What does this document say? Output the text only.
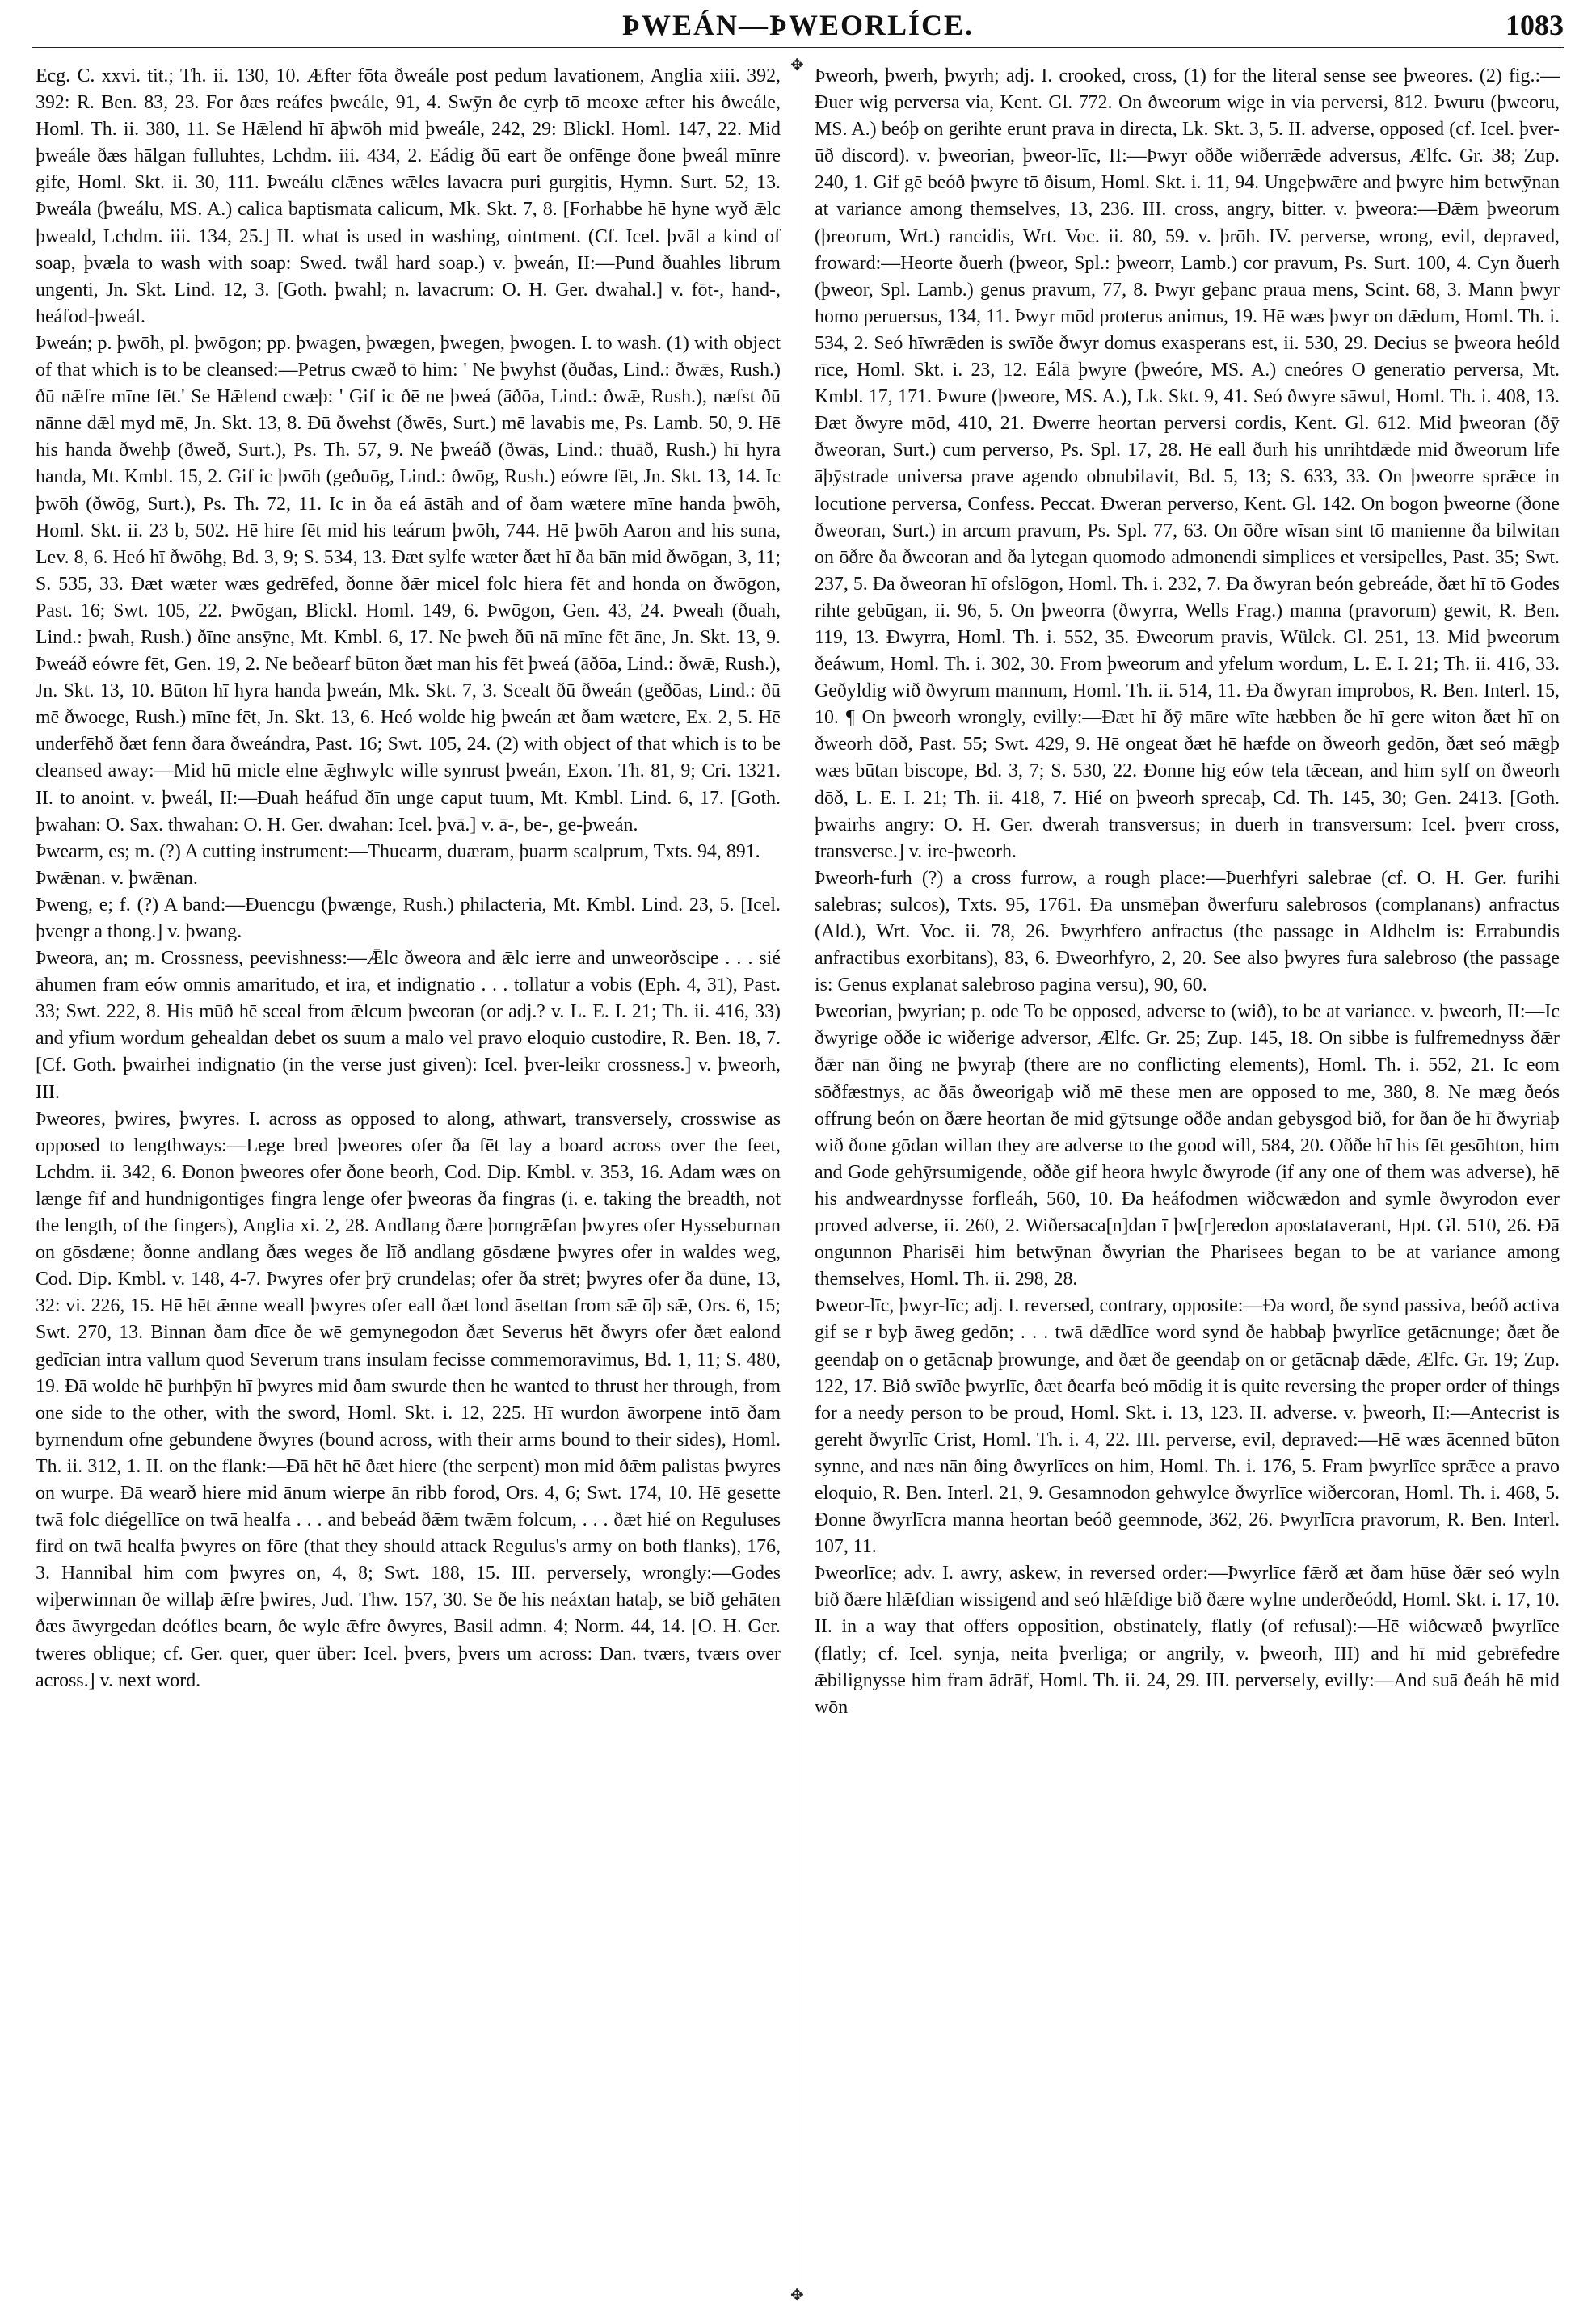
ÞWEÁN—ÞWEORLÍCE.	1083
✥
✥

Ecg. C. xxvi. tit.; Th. ii. 130, 10. Æfter fōta ðweále post pedum lavationem, Anglia xiii. 392, 392: R. Ben. 83, 23. For ðæs reáfes þweále, 91, 4. Swȳn ðe cyrþ tō meoxe æfter his ðweále, Homl. Th. ii. 380, 11. Se Hǣlend hī āþwōh mid þweále, 242, 29: Blickl. Homl. 147, 22. Mid þweále ðæs hālgan fulluhtes, Lchdm. iii. 434, 2. Eádig ðū eart ðe onfēnge ðone þweál mīnre gife, Homl. Skt. ii. 30, 111. Þweálu clǣnes wǣles lavacra puri gurgitis, Hymn. Surt. 52, 13. Þweála (þweálu, MS. A.) calica baptismata calicum, Mk. Skt. 7, 8. [Forhabbe hē hyne wyð ǣlc þweald, Lchdm. iii. 134, 25.] II. what is used in washing, ointment. (Cf. Icel. þvāl a kind of soap, þvæla to wash with soap: Swed. twål hard soap.) v. þweán, II:—Pund ðuahles librum ungenti, Jn. Skt. Lind. 12, 3. [Goth. þwahl; n. lavacrum: O. H. Ger. dwahal.] v. fōt-, hand-, heáfod-þweál.

Þweán; p. þwōh, pl. þwōgon; pp. þwagen, þwægen, þwegen, þwogen. I. to wash. (1) with object of that which is to be cleansed:—Petrus cwæð tō him: ' Ne þwyhst (ðuðas, Lind.: ðwǣs, Rush.) ðū nǣfre mīne fēt.' Se Hǣlend cwæþ: ' Gif ic ðē ne þweá (āðōa, Lind.: ðwǣ, Rush.), næfst ðū nānne dǣl myd mē, Jn. Skt. 13, 8. Ðū ðwehst (ðwēs, Surt.) mē lavabis me, Ps. Lamb. 50, 9. Hē his handa ðwehþ (ðweð, Surt.), Ps. Th. 57, 9. Ne þweáð (ðwās, Lind.: thuāð, Rush.) hī hyra handa, Mt. Kmbl. 15, 2. Gif ic þwōh (geðuōg, Lind.: ðwōg, Rush.) eówre fēt, Jn. Skt. 13, 14. Ic þwōh (ðwōg, Surt.), Ps. Th. 72, 11. Ic in ða eá āstāh and of ðam wætere mīne handa þwōh, Homl. Skt. ii. 23 b, 502. Hē hire fēt mid his teárum þwōh, 744. Hē þwōh Aaron and his suna, Lev. 8, 6. Heó hī ðwōhg, Bd. 3, 9; S. 534, 13. Ðæt sylfe wæter ðæt hī ða bān mid ðwōgan, 3, 11; S. 535, 33. Ðæt wæter wæs gedrēfed, ðonne ðǣr micel folc hiera fēt and honda on ðwōgon, Past. 16; Swt. 105, 22. Þwōgan, Blickl. Homl. 149, 6. Þwōgon, Gen. 43, 24. Þweah (ðuah, Lind.: þwah, Rush.) ðīne ansȳne, Mt. Kmbl. 6, 17. Ne þweh ðū nā mīne fēt āne, Jn. Skt. 13, 9. Þweáð eówre fēt, Gen. 19, 2. Ne beðearf būton ðæt man his fēt þweá (āðōa, Lind.: ðwǣ, Rush.), Jn. Skt. 13, 10. Būton hī hyra handa þweán, Mk. Skt. 7, 3. Scealt ðū ðweán (geðōas, Lind.: ðū mē ðwoege, Rush.) mīne fēt, Jn. Skt. 13, 6. Heó wolde hig þweán æt ðam wætere, Ex. 2, 5. Hē underfēhð ðæt fenn ðara ðweándra, Past. 16; Swt. 105, 24. (2) with object of that which is to be cleansed away:—Mid hū micle elne ǣghwylc wille synrust þweán, Exon. Th. 81, 9; Cri. 1321. II. to anoint. v. þweál, II:—Ðuah heáfud ðīn unge caput tuum, Mt. Kmbl. Lind. 6, 17. [Goth. þwahan: O. Sax. thwahan: O. H. Ger. dwahan: Icel. þvā.] v. ā-, be-, ge-þweán.

Þwearm, es; m. (?) A cutting instrument:—Thuearm, duæram, þuarm scalprum, Txts. 94, 891.

Þwǣnan. v. þwǣnan.

Þweng, e; f. (?) A band:—Ðuencgu (þwænge, Rush.) philacteria, Mt. Kmbl. Lind. 23, 5. [Icel. þvengr a thong.] v. þwang.

Þweora, an; m. Crossness, peevishness:—Ǣlc ðweora and ǣlc ierre and unweorðscipe . . . sié āhumen fram eów omnis amaritudo, et ira, et indignatio . . . tollatur a vobis (Eph. 4, 31), Past. 33; Swt. 222, 8. His mūð hē sceal from ǣlcum þweoran (or adj.? v. L. E. I. 21; Th. ii. 416, 33) and yfium wordum gehealdan debet os suum a malo vel pravo eloquio custodire, R. Ben. 18, 7. [Cf. Goth. þwairhei indignatio (in the verse just given): Icel. þver-leikr crossness.] v. þweorh, III.

Þweores, þwires, þwyres. I. across as opposed to along, athwart, transversely, crosswise as opposed to lengthways:—Lege bred þweores ofer ða fēt lay a board across over the feet, Lchdm. ii. 342, 6. Ðonon þweores ofer ðone beorh, Cod. Dip. Kmbl. v. 353, 16. Adam wæs on længe fīf and hundnigontiges fingra lenge ofer þweoras ða fingras (i. e. taking the breadth, not the length, of the fingers), Anglia xi. 2, 28. Andlang ðære þorngrǣfan þwyres ofer Hysseburnan on gōsdæne; ðonne andlang ðæs weges ðe līð andlang gōsdæne þwyres ofer in waldes weg, Cod. Dip. Kmbl. v. 148, 4-7. Þwyres ofer þrȳ crundelas; ofer ða strēt; þwyres ofer ða dūne, 13, 32: vi. 226, 15. Hē hēt ǣnne weall þwyres ofer eall ðæt lond āsettan from sǣ ōþ sǣ, Ors. 6, 15; Swt. 270, 13. Binnan ðam dīce ðe wē gemynegodon ðæt Severus hēt ðwyrs ofer ðæt ealond gedīcian intra vallum quod Severum trans insulam fecisse commemoravimus, Bd. 1, 11; S. 480, 19. Ðā wolde hē þurhþȳn hī þwyres mid ðam swurde then he wanted to thrust her through, from one side to the other, with the sword, Homl. Skt. i. 12, 225. Hī wurdon āworpene intō ðam byrnendum ofne gebundene ðwyres (bound across, with their arms bound to their sides), Homl. Th. ii. 312, 1. II. on the flank:—Ðā hēt hē ðæt hiere (the serpent) mon mid ðǣm palistas þwyres on wurpe. Ðā wearð hiere mid ānum wierpe ān ribb forod, Ors. 4, 6; Swt. 174, 10. Hē gesette twā folc diégellīce on twā healfa . . . and bebeád ðǣm twǣm folcum, . . . ðæt hié on Reguluses fird on twā healfa þwyres on fōre (that they should attack Regulus's army on both flanks), 176, 3. Hannibal him com þwyres on, 4, 8; Swt. 188, 15. III. perversely, wrongly:—Godes wiþerwinnan ðe willaþ ǣfre þwires, Jud. Thw. 157, 30. Se ðe his neáxtan hataþ, se bið gehāten ðæs āwyrgedan deófles bearn, ðe wyle ǣfre ðwyres, Basil admn. 4; Norm. 44, 14. [O. H. Ger. tweres oblique; cf. Ger. quer, quer über: Icel. þvers, þvers um across: Dan. tværs, tværs over across.] v. next word.

Þweorh, þwerh, þwyrh; adj. I. crooked, cross, (1) for the literal sense see þweores. (2) fig.:—Ðuer wig perversa via, Kent. Gl. 772. On ðweorum wige in via perversi, 812. Þwuru (þweoru, MS. A.) beóþ on gerihte erunt prava in directa, Lk. Skt. 3, 5. II. adverse, opposed (cf. Icel. þver-ūð discord). v. þweorian, þweor-līc, II:—Þwyr oððe wiðerrǣde adversus, Ælfc. Gr. 38; Zup. 240, 1. Gif gē beóð þwyre tō ðisum, Homl. Skt. i. 11, 94. Ungeþwǣre and þwyre him betwȳnan at variance among themselves, 13, 236. III. cross, angry, bitter. v. þweora:—Ðǣm þweorum (þreorum, Wrt.) rancidis, Wrt. Voc. ii. 80, 59. v. þrōh. IV. perverse, wrong, evil, depraved, froward:—Heorte ðuerh (þweor, Spl.: þweorr, Lamb.) cor pravum, Ps. Surt. 100, 4. Cyn ðuerh (þweor, Spl. Lamb.) genus pravum, 77, 8. Þwyr geþanc praua mens, Scint. 68, 3. Mann þwyr homo peruersus, 134, 11. Þwyr mōd proterus animus, 19. Hē wæs þwyr on dǣdum, Homl. Th. i. 534, 2. Seó hīwrǣden is swīðe ðwyr domus exasperans est, ii. 530, 29. Decius se þweora heóld rīce, Homl. Skt. i. 23, 12. Eálā þwyre (þweóre, MS. A.) cneóres O generatio perversa, Mt. Kmbl. 17, 171. Þwure (þweore, MS. A.), Lk. Skt. 9, 41. Seó ðwyre sāwul, Homl. Th. i. 408, 13. Ðæt ðwyre mōd, 410, 21. Ðwerre heortan perversi cordis, Kent. Gl. 612. Mid þweoran (ðȳ ðweoran, Surt.) cum perverso, Ps. Spl. 17, 28. Hē eall ðurh his unrihtdǣde mid ðweorum līfe āþȳstrade universa prave agendo obnubilavit, Bd. 5, 13; S. 633, 33. On þweorre sprǣce in locutione perversa, Confess. Peccat. Ðweran perverso, Kent. Gl. 142. On bogon þweorne (ðone ðweoran, Surt.) in arcum pravum, Ps. Spl. 77, 63. On ōðre wīsan sint tō manienne ða bilwitan on ōðre ða ðweoran and ða lytegan quomodo admonendi simplices et versipelles, Past. 35; Swt. 237, 5. Ða ðweoran hī ofslōgon, Homl. Th. i. 232, 7. Ða ðwyran beón gebreáde, ðæt hī tō Godes rihte gebūgan, ii. 96, 5. On þweorra (ðwyrra, Wells Frag.) manna (pravorum) gewit, R. Ben. 119, 13. Ðwyrra, Homl. Th. i. 552, 35. Ðweorum pravis, Wülck. Gl. 251, 13. Mid þweorum ðeáwum, Homl. Th. i. 302, 30. From þweorum and yfelum wordum, L. E. I. 21; Th. ii. 416, 33. Geðyldig wið ðwyrum mannum, Homl. Th. ii. 514, 11. Ða ðwyran improbos, R. Ben. Interl. 15, 10. ¶ On þweorh wrongly, evilly:—Ðæt hī ðȳ māre wīte hæbben ðe hī gere witon ðæt hī on ðweorh dōð, Past. 55; Swt. 429, 9. Hē ongeat ðæt hē hæfde on ðweorh gedōn, ðæt seó mǣgþ wæs būtan biscope, Bd. 3, 7; S. 530, 22. Ðonne hig eów tela tǣcean, and him sylf on ðweorh dōð, L. E. I. 21; Th. ii. 418, 7. Hié on þweorh sprecaþ, Cd. Th. 145, 30; Gen. 2413. [Goth. þwairhs angry: O. H. Ger. dwerah transversus; in duerh in transversum: Icel. þverr cross, transverse.] v. ire-þweorh.

Þweorh-furh (?) a cross furrow, a rough place:—Þuerhfyri salebrae (cf. O. H. Ger. furihi salebras; sulcos), Txts. 95, 1761. Ða unsmēþan ðwerfuru salebrosos (complanans) anfractus (Ald.), Wrt. Voc. ii. 78, 26. Þwyrhfero anfractus (the passage in Aldhelm is: Errabundis anfractibus exorbitans), 83, 6. Ðweorhfyro, 2, 20. See also þwyres fura salebroso (the passage is: Genus explanat salebroso pagina versu), 90, 60.

Þweorian, þwyrian; p. ode To be opposed, adverse to (wið), to be at variance. v. þweorh, II:—Ic ðwyrige oððe ic wiðerige adversor, Ælfc. Gr. 25; Zup. 145, 18. On sibbe is fulfremednyss ðǣr ðǣr nān ðing ne þwyraþ (there are no conflicting elements), Homl. Th. i. 552, 21. Ic eom sōðfæstnys, ac ðās ðweorigaþ wið mē these men are opposed to me, 380, 8. Ne mæg ðeós offrung beón on ðære heortan ðe mid gȳtsunge oððe andan gebysgod bið, for ðan ðe hī ðwyriaþ wið ðone gōdan willan they are adverse to the good will, 584, 20. Oððe hī his fēt gesōhton, him and Gode gehȳrsumigende, oððe gif heora hwylc ðwyrode (if any one of them was adverse), hē his andweardnysse forfleáh, 560, 10. Ða heáfodmen wiðcwǣdon and symle ðwyrodon ever proved adverse, ii. 260, 2. Wiðersaca[n]dan ī þw[r]eredon apostataverant, Hpt. Gl. 510, 26. Ðā ongunnon Pharisēi him betwȳnan ðwyrian the Pharisees began to be at variance among themselves, Homl. Th. ii. 298, 28.

Þweor-līc, þwyr-līc; adj. I. reversed, contrary, opposite:—Ða word, ðe synd passiva, beóð activa gif se r byþ āweg gedōn; . . . twā dǣdlīce word synd ðe habbaþ þwyrlīce getācnunge; ðæt ðe geendaþ on o getācnaþ þrowunge, and ðæt ðe geendaþ on or getācnaþ dǣde, Ælfc. Gr. 19; Zup. 122, 17. Bið swīðe þwyrlīc, ðæt ðearfa beó mōdig it is quite reversing the proper order of things for a needy person to be proud, Homl. Skt. i. 13, 123. II. adverse. v. þweorh, II:—Antecrist is gereht ðwyrlīc Crist, Homl. Th. i. 4, 22. III. perverse, evil, depraved:—Hē wæs ācenned būton synne, and næs nān ðing ðwyrlīces on him, Homl. Th. i. 176, 5. Fram þwyrlīce sprǣce a pravo eloquio, R. Ben. Interl. 21, 9. Gesamnodon gehwylce ðwyrlīce wiðercoran, Homl. Th. i. 468, 5. Ðonne ðwyrlīcra manna heortan beóð geemnode, 362, 26. Þwyrlīcra pravorum, R. Ben. Interl. 107, 11.

Þweorlīce; adv. I. awry, askew, in reversed order:—Þwyrlīce fǣrð æt ðam hūse ðǣr seó wyln bið ðære hlǣfdian wissigend and seó hlǣfdige bið ðære wylne underðeódd, Homl. Skt. i. 17, 10. II. in a way that offers opposition, obstinately, flatly (of refusal):—Hē wiðcwæð þwyrlīce (flatly; cf. Icel. synja, neita þverliga; or angrily, v. þweorh, III) and hī mid gebrēfedre ǣbilignysse him fram ādrāf, Homl. Th. ii. 24, 29. III. perversely, evilly:—And suā ðeáh hē mid wōn
